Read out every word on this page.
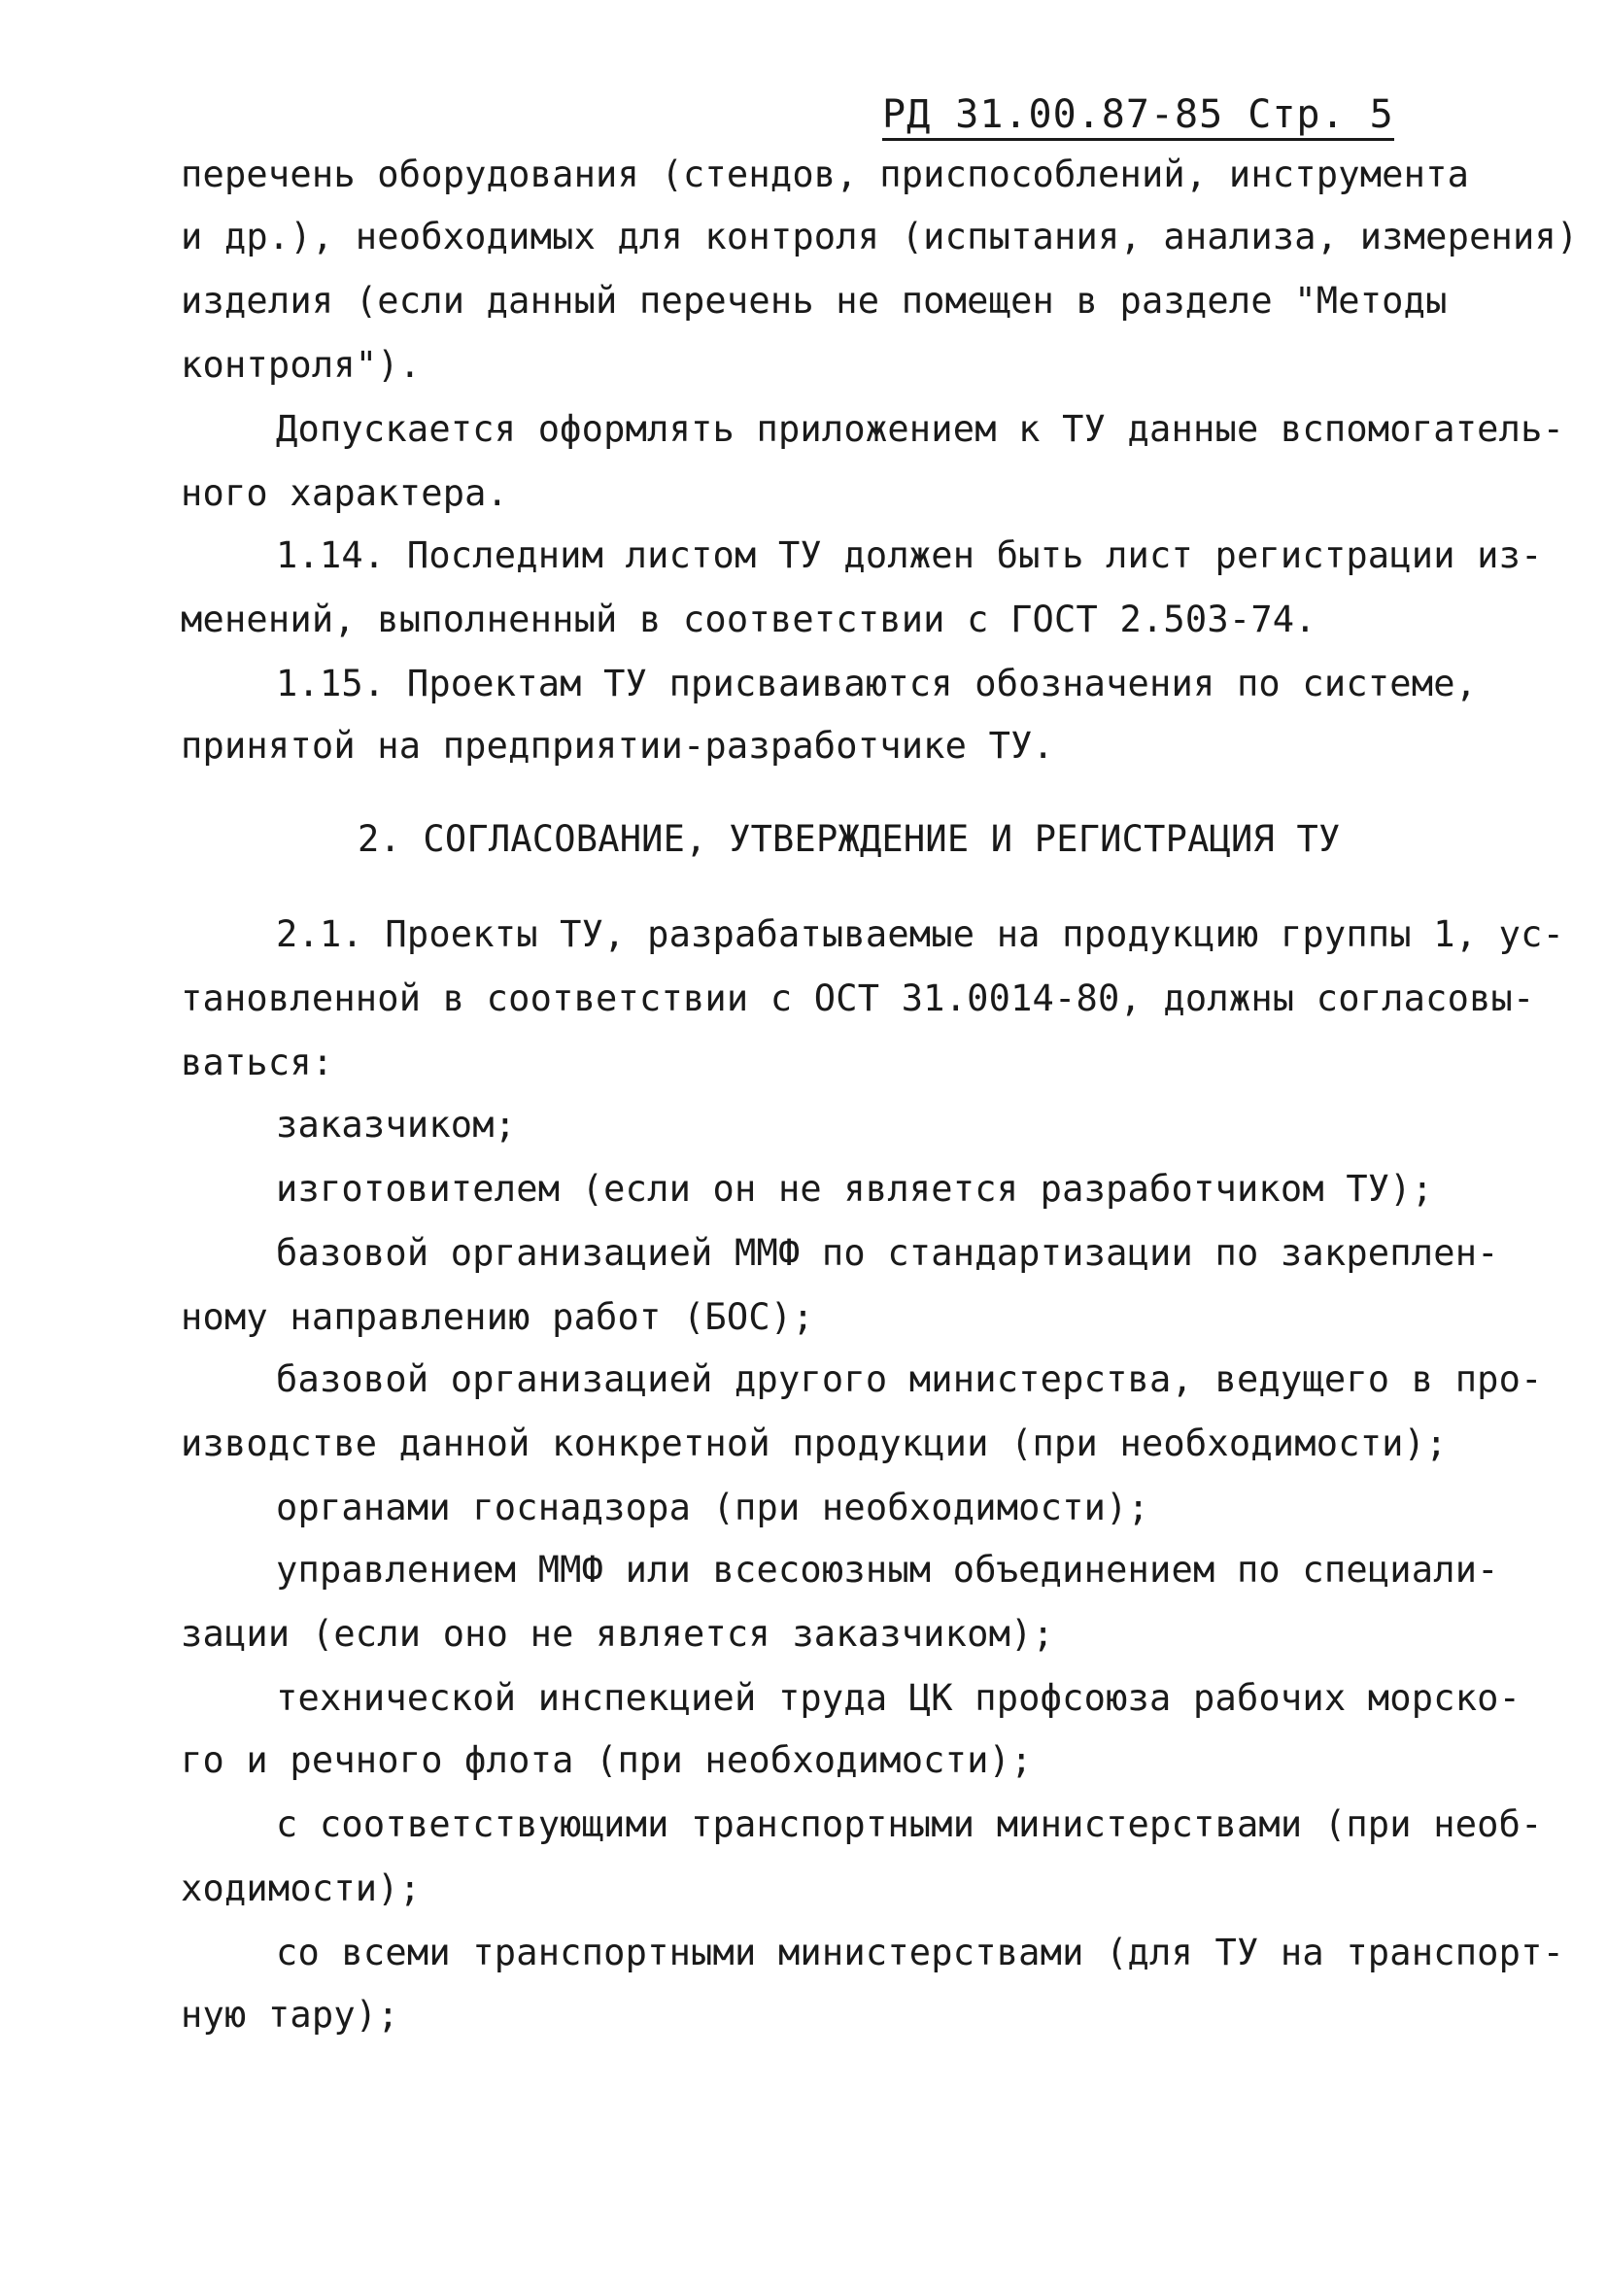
РД 31.00.87-85 Стр. 5
перечень оборудования (стендов, приспособлений, инструмента
и др.), необходимых для контроля (испытания, анализа, измерения)
изделия (если данный перечень не помещен в разделе "Методы
контроля").
Допускается оформлять приложением к ТУ данные вспомогатель-
ного характера.
1.14. Последним листом ТУ должен быть лист регистрации из-
менений, выполненный в соответствии с ГОСТ 2.503-74.
1.15. Проектам ТУ присваиваются обозначения по системе,
принятой на предприятии-разработчике ТУ.
2. СОГЛАСОВАНИЕ, УТВЕРЖДЕНИЕ И РЕГИСТРАЦИЯ ТУ
2.1. Проекты ТУ, разрабатываемые на продукцию группы 1, ус-
тановленной в соответствии с ОСТ 31.0014-80, должны согласовы-
ваться:
заказчиком;
изготовителем (если он не является разработчиком ТУ);
базовой организацией ММФ по стандартизации по закреплен-
ному направлению работ (БОС);
базовой организацией другого министерства, ведущего в про-
изводстве данной конкретной продукции (при необходимости);
органами госнадзора (при необходимости);
управлением ММФ или всесоюзным объединением по специали-
зации (если оно не является заказчиком);
технической инспекцией труда ЦК профсоюза рабочих морско-
го и речного флота (при необходимости);
с соответствующими транспортными министерствами (при необ-
ходимости);
со всеми транспортными министерствами (для ТУ на транспорт-
ную тару);
